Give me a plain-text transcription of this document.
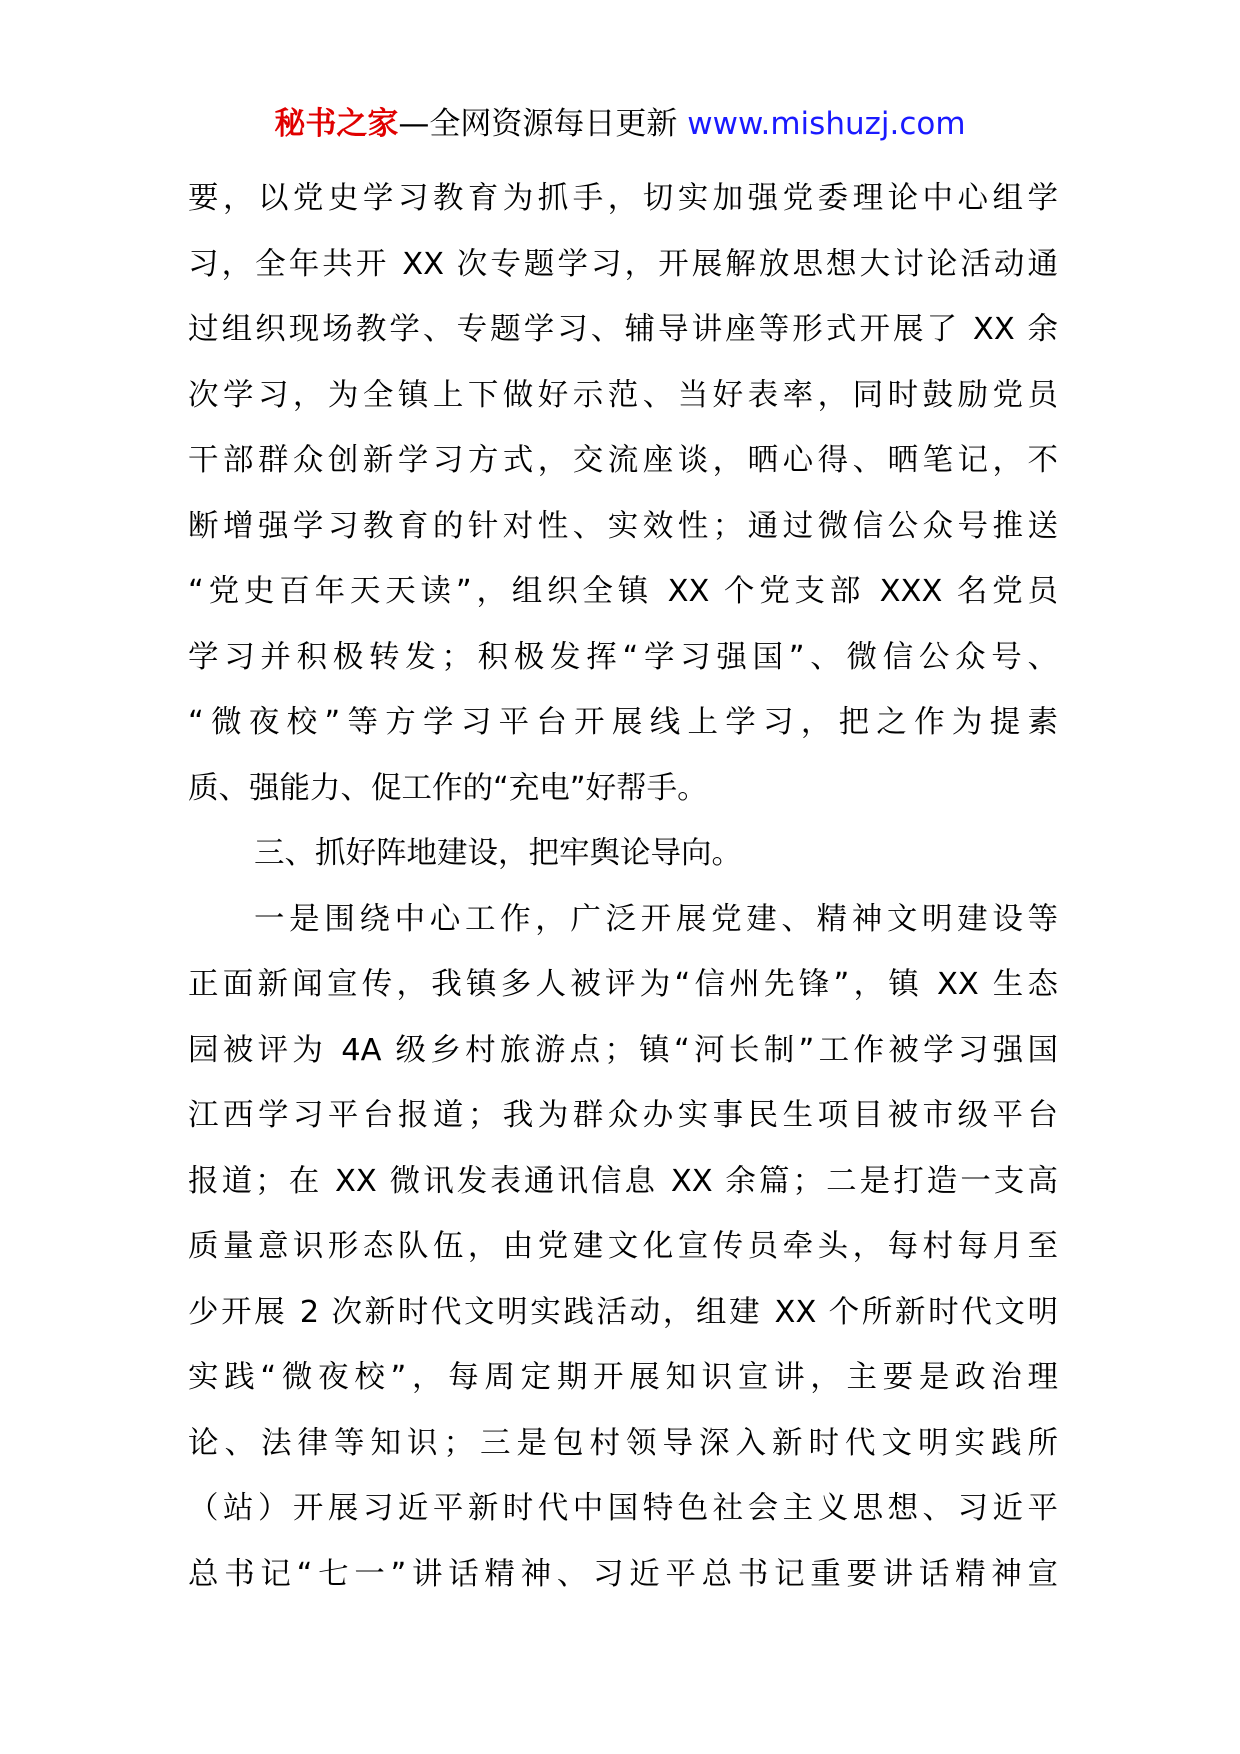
秘书之家—全网资源每日更新 www.mishuzj.com
要，以党史学习教育为抓手，切实加强党委理论中心组学
习，全年共开 XX 次专题学习，开展解放思想大讨论活动通
过组织现场教学、专题学习、辅导讲座等形式开展了 XX 余
次学习，为全镇上下做好示范、当好表率，同时鼓励党员
干部群众创新学习方式，交流座谈，晒心得、晒笔记，不
断增强学习教育的针对性、实效性；通过微信公众号推送
“党史百年天天读”，组织全镇 XX 个党支部 XXX 名党员
学习并积极转发；积极发挥“学习强国”、微信公众号、
“微夜校”等方学习平台开展线上学习，把之作为提素
质、强能力、促工作的“充电”好帮手。
三、抓好阵地建设，把牢舆论导向。
一是围绕中心工作，广泛开展党建、精神文明建设等
正面新闻宣传，我镇多人被评为“信州先锋”，镇 XX 生态
园被评为 4A 级乡村旅游点；镇“河长制”工作被学习强国
江西学习平台报道；我为群众办实事民生项目被市级平台
报道；在 XX 微讯发表通讯信息 XX 余篇；二是打造一支高
质量意识形态队伍，由党建文化宣传员牵头，每村每月至
少开展 2 次新时代文明实践活动，组建 XX 个所新时代文明
实践“微夜校”，每周定期开展知识宣讲，主要是政治理
论、法律等知识；三是包村领导深入新时代文明实践所
（站）开展习近平新时代中国特色社会主义思想、习近平
总书记“七一”讲话精神、习近平总书记重要讲话精神宣
